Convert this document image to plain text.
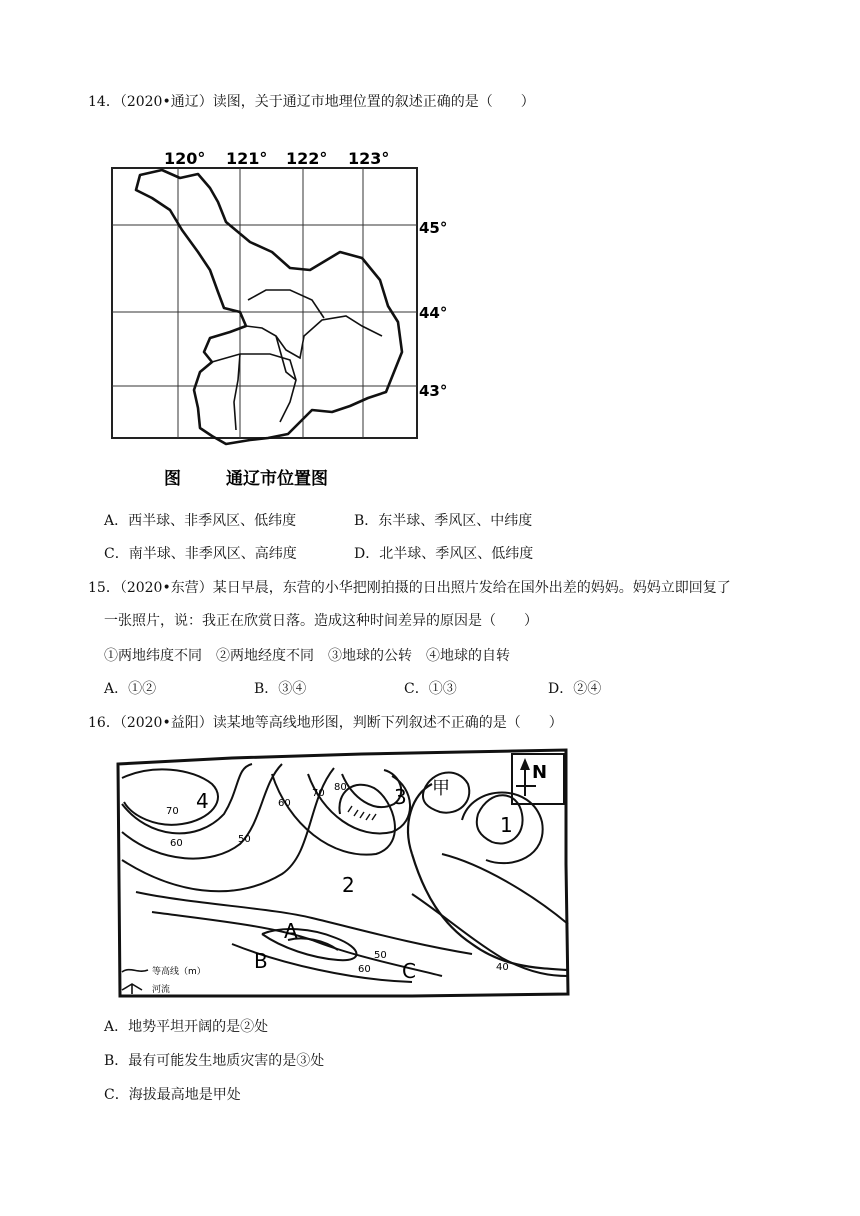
14．（2020•通辽）读图，关于通辽市地理位置的叙述正确的是（　　）
120° 121° 122° 123°
45°
44°
43°
图	通辽市位置图
A．西半球、非季风区、低纬度	B．东半球、季风区、中纬度
C．南半球、非季风区、高纬度	D．北半球、季风区、低纬度
15．（2020•东营）某日早晨，东营的小华把刚拍摄的日出照片发给在国外出差的妈妈。妈妈立即回复了
一张照片，说：我正在欣赏日落。造成这种时间差异的原因是（　　）
①两地纬度不同　②两地经度不同　③地球的公转　④地球的自转
A．①②	B．③④	C．①③	D．②④
16．（2020•益阳）读某地等高线地形图，判断下列叙述不正确的是（　　）
N
4
2
3
1
A
B	C
甲
70
60	50
70
80
60
50
60	40
等高线（m）
河流
A．地势平坦开阔的是②处
B．最有可能发生地质灾害的是③处
C．海拔最高地是甲处
